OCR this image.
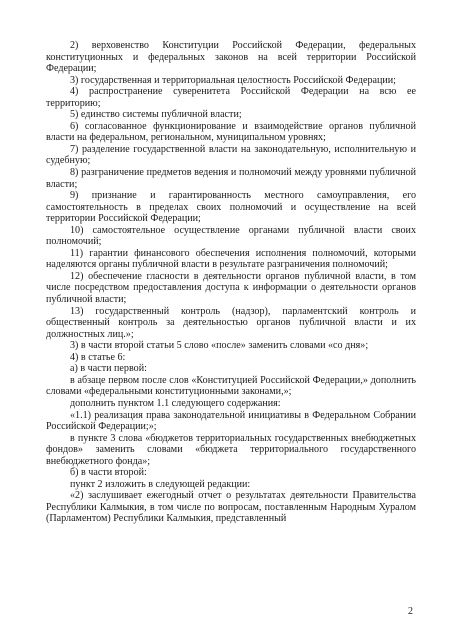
2) верховенство Конституции Российской Федерации, федеральных конституционных и федеральных законов на всей территории Российской Федерации;

3) государственная и территориальная целостность Российской Федерации;

4) распространение суверенитета Российской Федерации на всю ее территорию;

5) единство системы публичной власти;

6) согласованное функционирование и взаимодействие органов публичной власти на федеральном, региональном, муниципальном уровнях;

7) разделение государственной власти на законодательную, исполнительную и судебную;

8) разграничение предметов ведения и полномочий между уровнями публичной власти;

9) признание и гарантированность местного самоуправления, его самостоятельность в пределах своих полномочий и осуществление на всей территории Российской Федерации;

10) самостоятельное осуществление органами публичной власти своих полномочий;

11) гарантии финансового обеспечения исполнения полномочий, которыми наделяются органы публичной власти в результате разграничения полномочий;

12) обеспечение гласности в деятельности органов публичной власти, в том числе посредством предоставления доступа к информации о деятельности органов публичной власти;

13) государственный контроль (надзор), парламентский контроль и общественный контроль за деятельностью органов публичной власти и их должностных лиц.»;

3) в части второй статьи 5 слово «после» заменить словами «со дня»;

4) в статье 6:

а) в части первой:

в абзаце первом после слов «Конституцией Российской Федерации,» дополнить словами «федеральными конституционными законами,»;

дополнить пунктом 1.1 следующего содержания:

«1.1) реализация права законодательной инициативы в Федеральном Собрании Российской Федерации;»;

в пункте 3 слова «бюджетов территориальных государственных внебюджетных фондов» заменить словами «бюджета территориального государственного внебюджетного фонда»;

б) в части второй:

пункт 2 изложить в следующей редакции:

«2) заслушивает ежегодный отчет о результатах деятельности Правительства Республики Калмыкия, в том числе по вопросам, поставленным Народным Хуралом (Парламентом) Республики Калмыкия, представленный

2
